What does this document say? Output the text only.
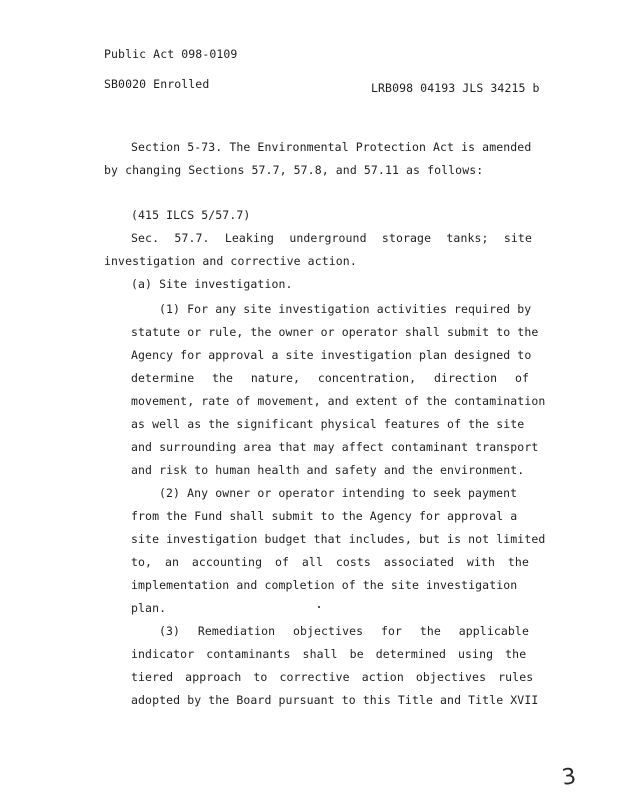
Public Act 098-0109
SB0020 Enrolled	LRB098 04193 JLS 34215 b
Section 5-73. The Environmental Protection Act is amended
by changing Sections 57.7, 57.8, and 57.11 as follows:
(415 ILCS 5/57.7)
Sec. 57.7. Leaking underground storage tanks; site
investigation and corrective action.
(a) Site investigation.
(1) For any site investigation activities required by
statute or rule, the owner or operator shall submit to the
Agency for approval a site investigation plan designed to
determine the nature, concentration, direction of
movement, rate of movement, and extent of the contamination
as well as the significant physical features of the site
and surrounding area that may affect contaminant transport
and risk to human health and safety and the environment.
(2) Any owner or operator intending to seek payment
from the Fund shall submit to the Agency for approval a
site investigation budget that includes, but is not limited
to, an accounting of all costs associated with the
implementation and completion of the site investigation
plan.
(3) Remediation objectives for the applicable
indicator contaminants shall be determined using the
tiered approach to corrective action objectives rules
adopted by the Board pursuant to this Title and Title XVII
3
